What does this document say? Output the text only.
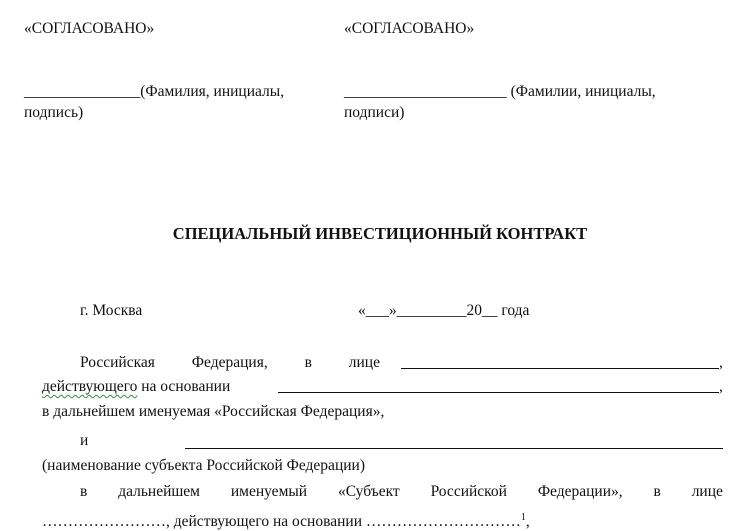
«СОГЛАСОВАНО»
_______________(Фамилия, инициалы,
подпись)
«СОГЛАСОВАНО»
_____________________ (Фамилии, инициалы,
подписи)
СПЕЦИАЛЬНЫЙ ИНВЕСТИЦИОННЫЙ КОНТРАКТ
г. Москва	«___»_________20__ года
Российская Федерация, в лице	,
действующего на основании	,
в дальнейшем именуемая «Российская Федерация»,
и
(наименование субъекта Российской Федерации)
в дальнейшем именуемый «Субъект Российской Федерации», в лице
……………………, действующего на основании …………………………$^1$,
